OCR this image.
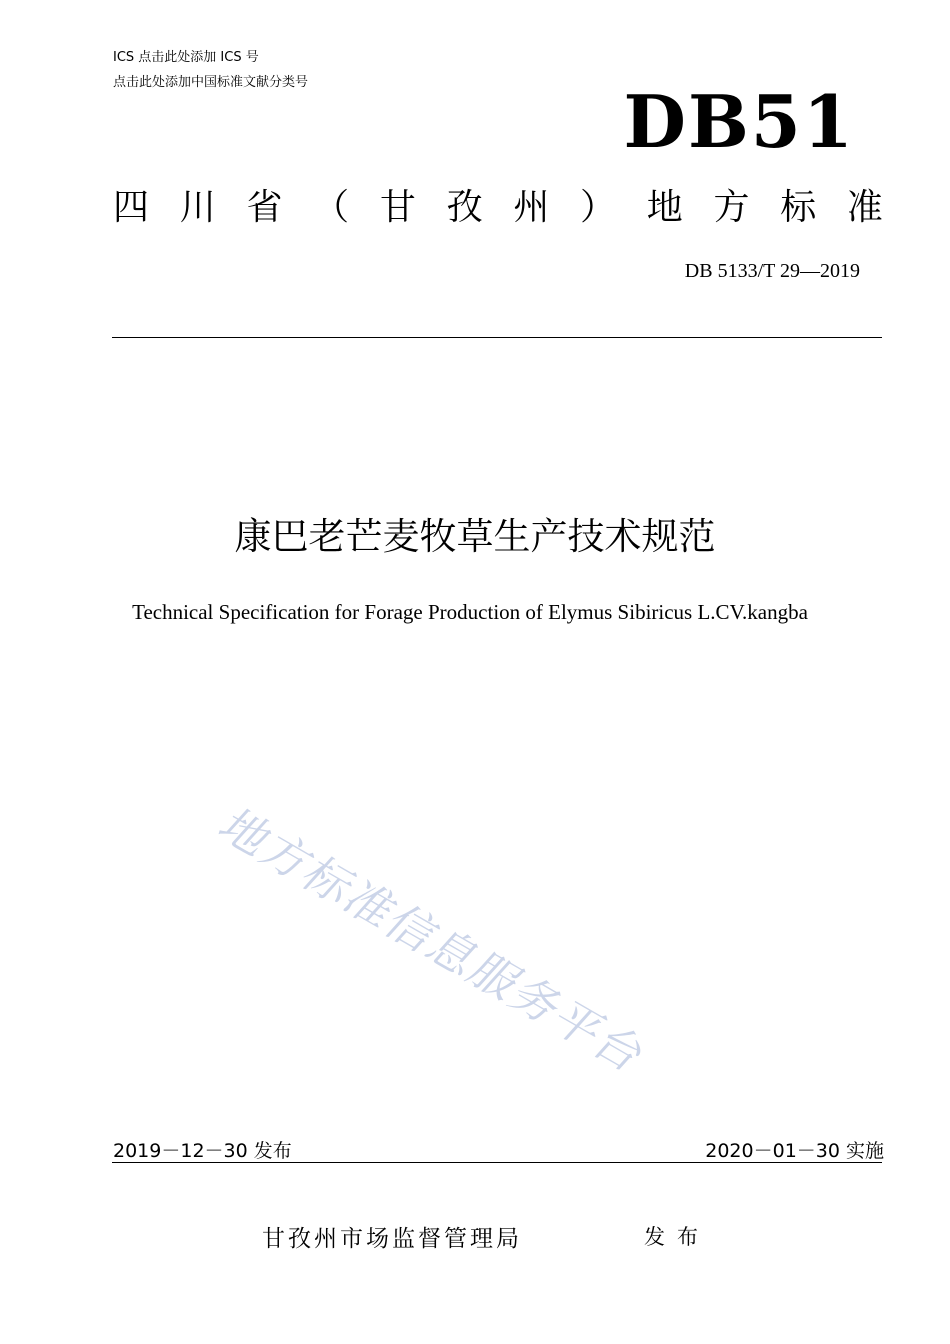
ICS 点击此处添加 ICS 号
点击此处添加中国标准文献分类号	DB51
四 川 省 （ 甘 孜 州 ） 地 方 标 准
DB 5133/T 29—2019
康巴老芒麦牧草生产技术规范
Technical Specification for Forage Production of Elymus Sibiricus L.CV.kangba
地方标准信息服务平台
2019－12－30 发布	2020－01－30 实施
甘孜州市场监督管理局	发布
